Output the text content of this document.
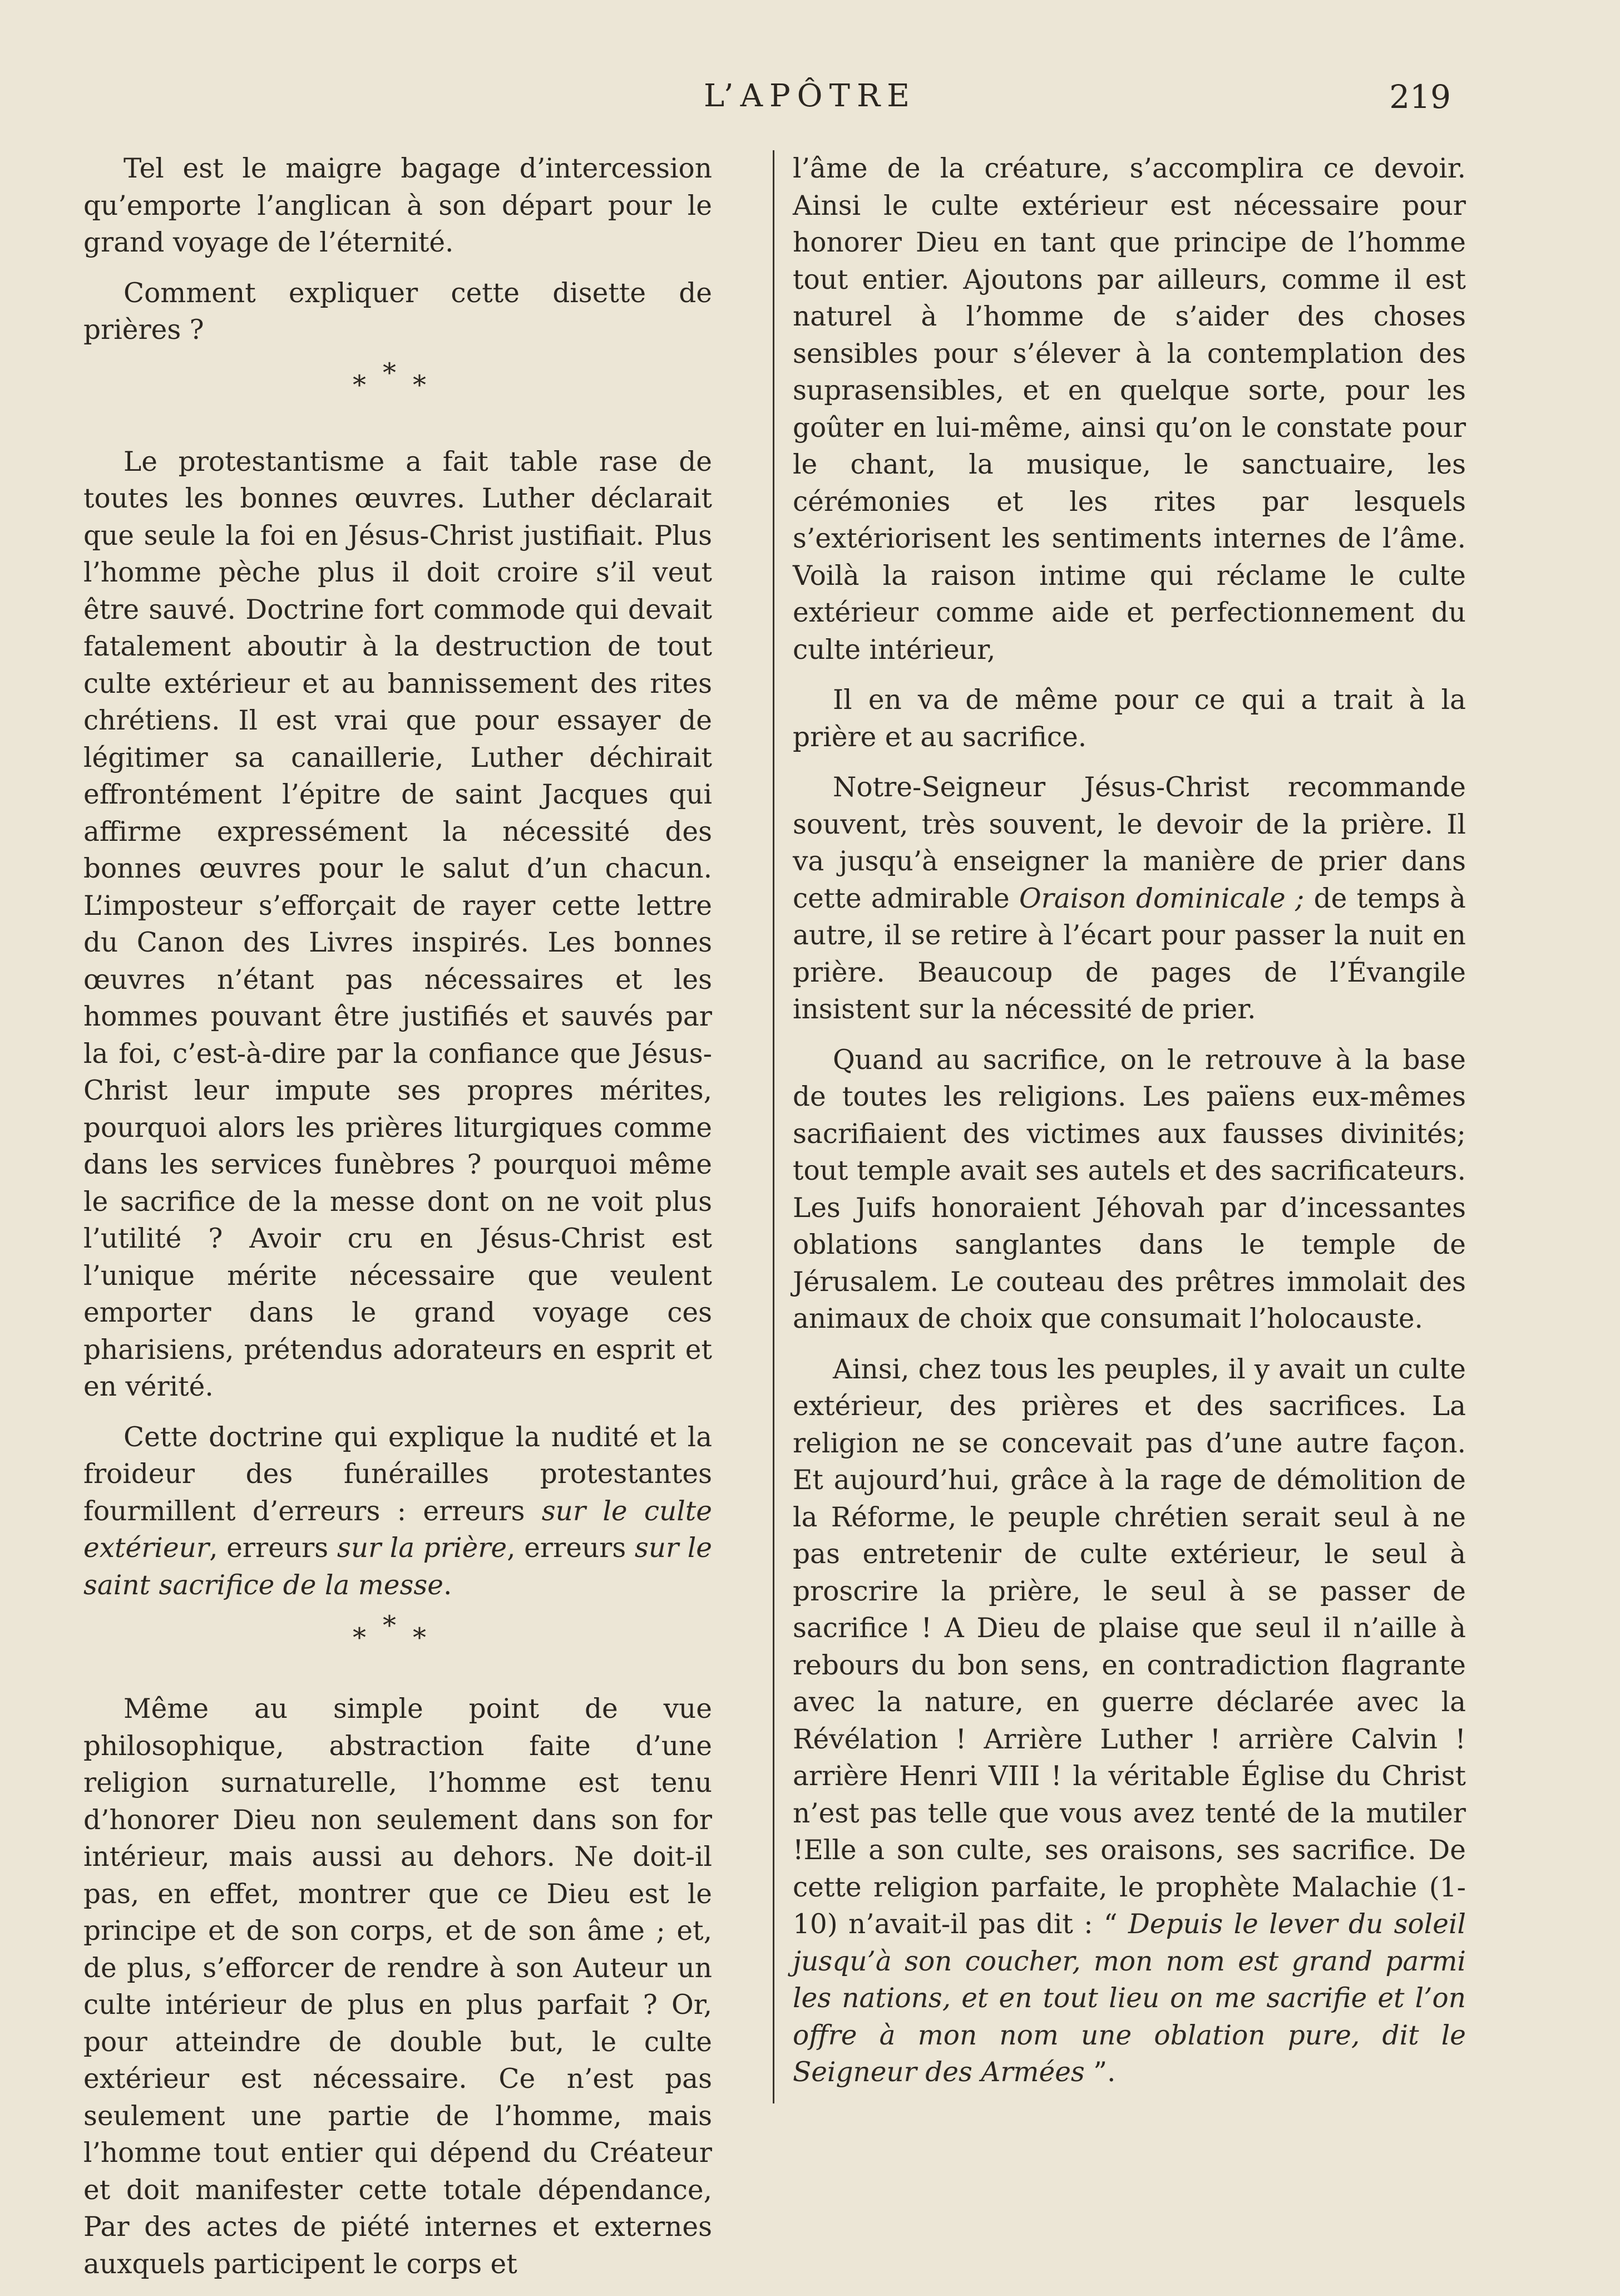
L’APÔTRE	219

Tel est le maigre bagage d’intercession qu’emporte l’anglican à son départ pour le grand voyage de l’éternité.

Comment expliquer cette disette de prières ?

***

Le protestantisme a fait table rase de toutes les bonnes œuvres. Luther déclarait que seule la foi en Jésus-Christ justifiait. Plus l’homme pèche plus il doit croire s’il veut être sauvé. Doctrine fort commode qui devait fatalement aboutir à la destruction de tout culte extérieur et au bannissement des rites chrétiens. Il est vrai que pour essayer de légitimer sa canaillerie, Luther déchirait effrontément l’épitre de saint Jacques qui affirme expressément la nécessité des bonnes œuvres pour le salut d’un chacun. L’imposteur s’efforçait de rayer cette lettre du Canon des Livres inspirés. Les bonnes œuvres n’étant pas nécessaires et les hommes pouvant être justifiés et sauvés par la foi, c’est-à-dire par la confiance que Jésus-Christ leur impute ses propres mérites, pourquoi alors les prières liturgiques comme dans les services funèbres ? pourquoi même le sacrifice de la messe dont on ne voit plus l’utilité ? Avoir cru en Jésus-Christ est l’unique mérite nécessaire que veulent emporter dans le grand voyage ces pharisiens, prétendus adorateurs en esprit et en vérité.

Cette doctrine qui explique la nudité et la froideur des funérailles protestantes fourmillent d’erreurs : erreurs sur le culte extérieur, erreurs sur la prière, erreurs sur le saint sacrifice de la messe.

***

Même au simple point de vue philosophique, abstraction faite d’une religion surnaturelle, l’homme est tenu d’honorer Dieu non seulement dans son for intérieur, mais aussi au dehors. Ne doit-il pas, en effet, montrer que ce Dieu est le principe et de son corps, et de son âme ; et, de plus, s’efforcer de rendre à son Auteur un culte intérieur de plus en plus parfait ? Or, pour atteindre de double but, le culte extérieur est nécessaire. Ce n’est pas seulement une partie de l’homme, mais l’homme tout entier qui dépend du Créateur et doit manifester cette totale dépendance, Par des actes de piété internes et externes auxquels participent le corps et

l’âme de la créature, s’accomplira ce devoir. Ainsi le culte extérieur est nécessaire pour honorer Dieu en tant que principe de l’homme tout entier. Ajoutons par ailleurs, comme il est naturel à l’homme de s’aider des choses sensibles pour s’élever à la contemplation des suprasensibles, et en quelque sorte, pour les goûter en lui-même, ainsi qu’on le constate pour le chant, la musique, le sanctuaire, les cérémonies et les rites par lesquels s’extériorisent les sentiments internes de l’âme. Voilà la raison intime qui réclame le culte extérieur comme aide et perfectionnement du culte intérieur,

Il en va de même pour ce qui a trait à la prière et au sacrifice.

Notre-Seigneur Jésus-Christ recommande souvent, très souvent, le devoir de la prière. Il va jusqu’à enseigner la manière de prier dans cette admirable Oraison dominicale ; de temps à autre, il se retire à l’écart pour passer la nuit en prière. Beaucoup de pages de l’Évangile insistent sur la nécessité de prier.

Quand au sacrifice, on le retrouve à la base de toutes les religions. Les païens eux-mêmes sacrifiaient des victimes aux fausses divinités; tout temple avait ses autels et des sacrificateurs. Les Juifs honoraient Jéhovah par d’incessantes oblations sanglantes dans le temple de Jérusalem. Le couteau des prêtres immolait des animaux de choix que consumait l’holocauste.

Ainsi, chez tous les peuples, il y avait un culte extérieur, des prières et des sacrifices. La religion ne se concevait pas d’une autre façon. Et aujourd’hui, grâce à la rage de démolition de la Réforme, le peuple chrétien serait seul à ne pas entretenir de culte extérieur, le seul à proscrire la prière, le seul à se passer de sacrifice ! A Dieu de plaise que seul il n’aille à rebours du bon sens, en contradiction flagrante avec la nature, en guerre déclarée avec la Révélation ! Arrière Luther ! arrière Calvin ! arrière Henri VIII ! la véritable Église du Christ n’est pas telle que vous avez tenté de la mutiler !Elle a son culte, ses oraisons, ses sacrifice. De cette religion parfaite, le prophète Malachie (1-10) n’avait-il pas dit : “ Depuis le lever du soleil jusqu’à son coucher, mon nom est grand parmi les nations, et en tout lieu on me sacrifie et l’on offre à mon nom une oblation pure, dit le Seigneur des Armées ”.
